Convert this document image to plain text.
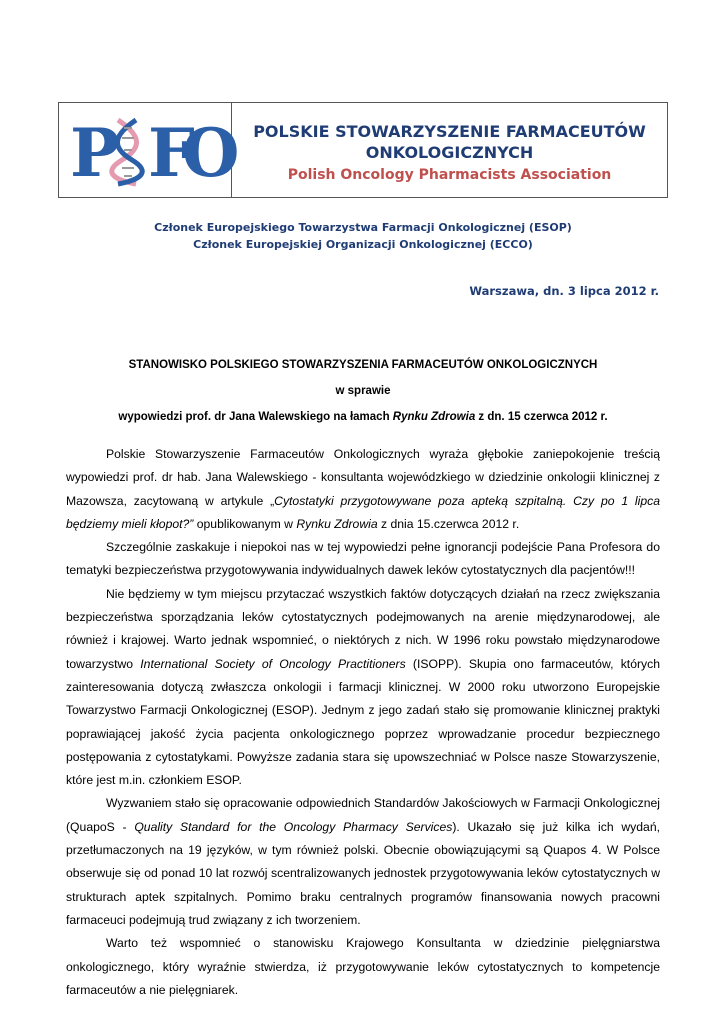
P F
O POLSKIE STOWARZYSZENIE FARMACEUTÓW
ONKOLOGICZNYCH
Polish Oncology Pharmacists Association
Członek Europejskiego Towarzystwa Farmacji Onkologicznej (ESOP)
Członek Europejskiej Organizacji Onkologicznej (ECCO)
Warszawa, dn. 3 lipca 2012 r.
STANOWISKO POLSKIEGO STOWARZYSZENIA FARMACEUTÓW ONKOLOGICZNYCH
w sprawie
wypowiedzi prof. dr Jana Walewskiego na łamach Rynku Zdrowia z dn. 15 czerwca 2012 r.

Polskie Stowarzyszenie Farmaceutów Onkologicznych wyraża głębokie zaniepokojenie treścią wypowiedzi prof. dr hab. Jana Walewskiego - konsultanta wojewódzkiego w dziedzinie onkologii klinicznej z Mazowsza, zacytowaną w artykule „Cytostatyki przygotowywane poza apteką szpitalną. Czy po 1 lipca będziemy mieli kłopot?” opublikowanym w Rynku Zdrowia z dnia 15.czerwca 2012 r.

Szczególnie zaskakuje i niepokoi nas w tej wypowiedzi pełne ignorancji podejście Pana Profesora do tematyki bezpieczeństwa przygotowywania indywidualnych dawek leków cytostatycznych dla pacjentów!!!

Nie będziemy w tym miejscu przytaczać wszystkich faktów dotyczących działań na rzecz zwiększania bezpieczeństwa sporządzania leków cytostatycznych podejmowanych na arenie międzynarodowej, ale również i krajowej. Warto jednak wspomnieć, o niektórych z nich. W 1996 roku powstało międzynarodowe towarzystwo International Society of Oncology Practitioners (ISOPP). Skupia ono farmaceutów, których zainteresowania dotyczą zwłaszcza onkologii i farmacji klinicznej. W 2000 roku utworzono Europejskie Towarzystwo Farmacji Onkologicznej (ESOP). Jednym z jego zadań stało się promowanie klinicznej praktyki poprawiającej jakość życia pacjenta onkologicznego poprzez wprowadzanie procedur bezpiecznego postępowania z cytostatykami. Powyższe zadania stara się upowszechniać w Polsce nasze Stowarzyszenie, które jest m.in. członkiem ESOP.

Wyzwaniem stało się opracowanie odpowiednich Standardów Jakościowych w Farmacji Onkologicznej (QuapoS - Quality Standard for the Oncology Pharmacy Services). Ukazało się już kilka ich wydań, przetłumaczonych na 19 języków, w tym również polski. Obecnie obowiązującymi są Quapos 4. W Polsce obserwuje się od ponad 10 lat rozwój scentralizowanych jednostek przygotowywania leków cytostatycznych w strukturach aptek szpitalnych. Pomimo braku centralnych programów finansowania nowych pracowni farmaceuci podejmują trud związany z ich tworzeniem.

Warto też wspomnieć o stanowisku Krajowego Konsultanta w dziedzinie pielęgniarstwa onkologicznego, który wyraźnie stwierdza, iż przygotowywanie leków cytostatycznych to kompetencje farmaceutów a nie pielęgniarek.
